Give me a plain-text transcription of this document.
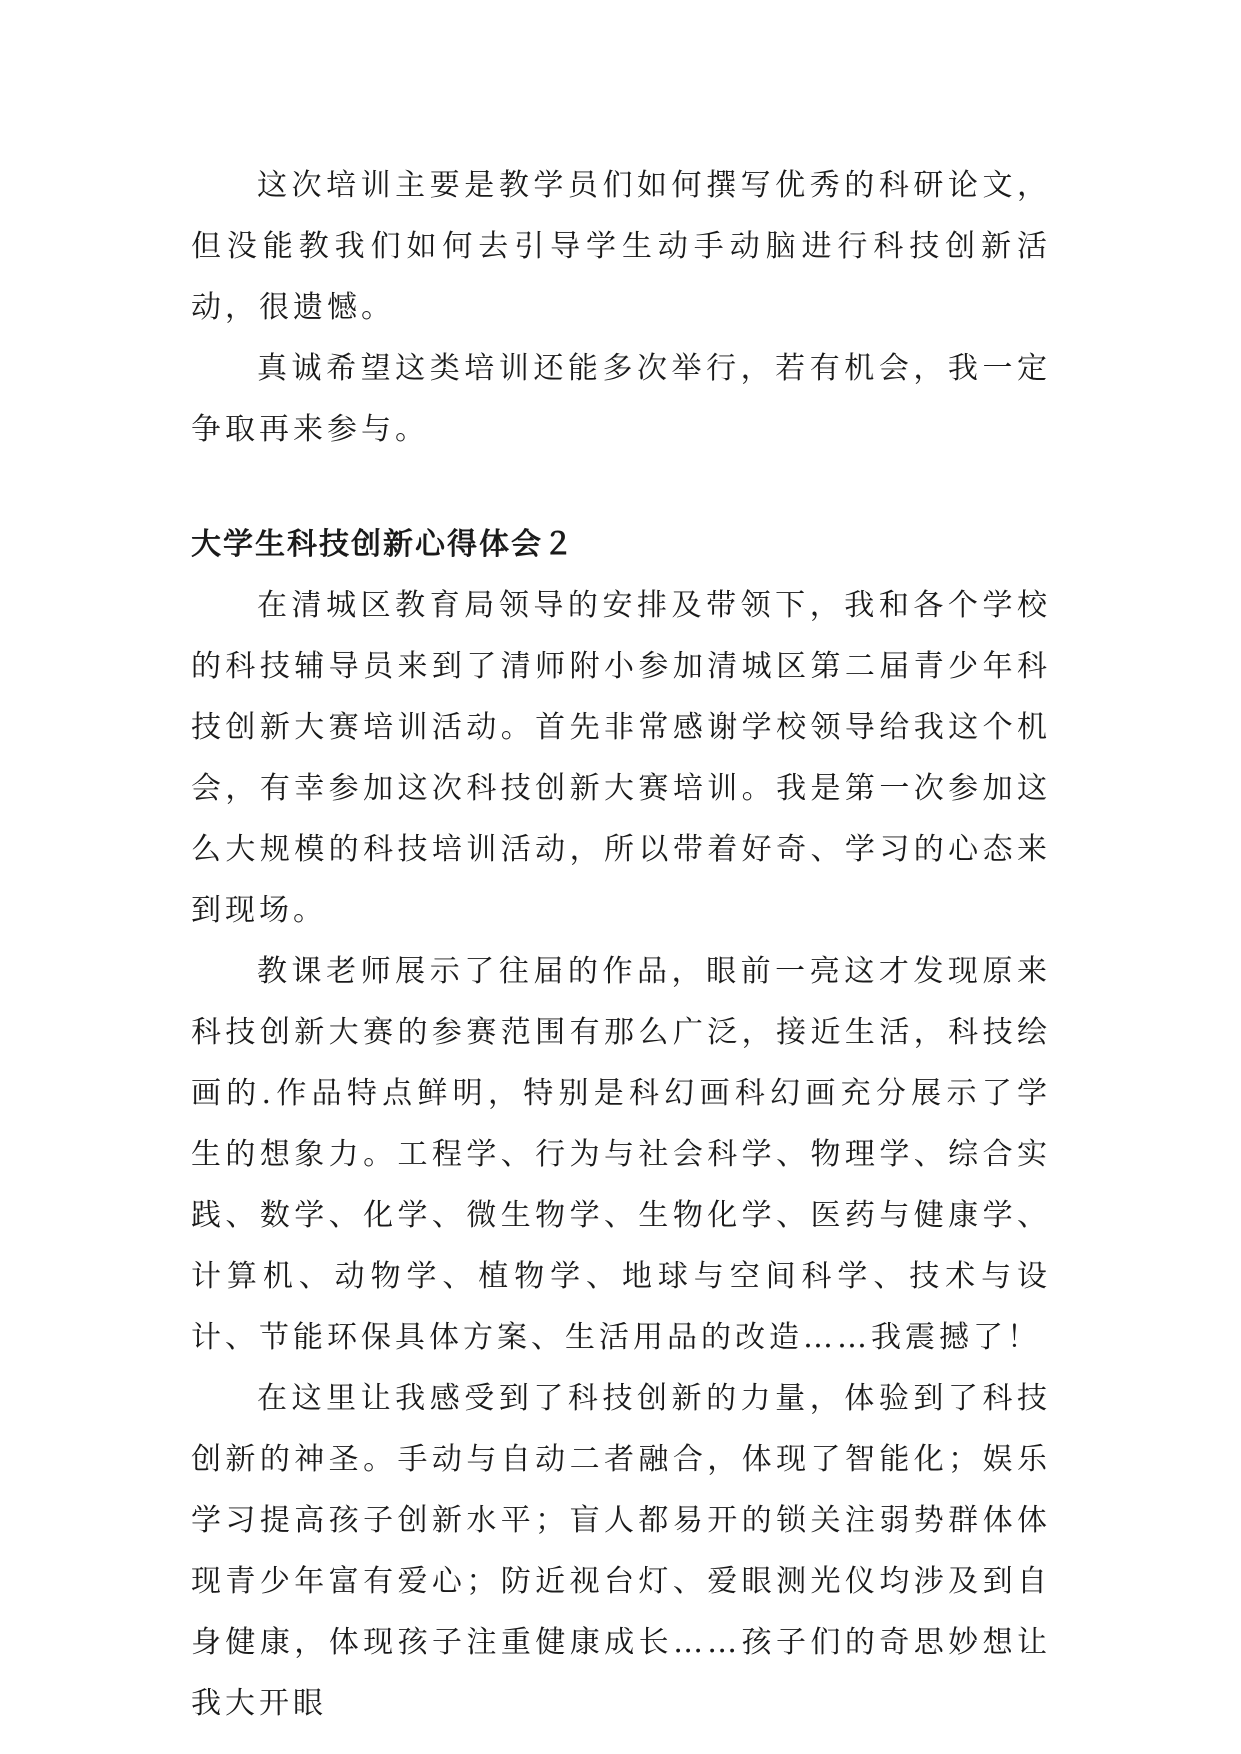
这次培训主要是教学员们如何撰写优秀的科研论文，但没能教我们如何去引导学生动手动脑进行科技创新活动，很遗憾。

真诚希望这类培训还能多次举行，若有机会，我一定争取再来参与。

大学生科技创新心得体会２

在清城区教育局领导的安排及带领下，我和各个学校的科技辅导员来到了清师附小参加清城区第二届青少年科技创新大赛培训活动。首先非常感谢学校领导给我这个机会，有幸参加这次科技创新大赛培训。我是第一次参加这么大规模的科技培训活动，所以带着好奇、学习的心态来到现场。

教课老师展示了往届的作品，眼前一亮这才发现原来科技创新大赛的参赛范围有那么广泛，接近生活，科技绘画的.作品特点鲜明，特别是科幻画科幻画充分展示了学生的想象力。工程学、行为与社会科学、物理学、综合实践、数学、化学、微生物学、生物化学、医药与健康学、计算机、动物学、植物学、地球与空间科学、技术与设计、节能环保具体方案、生活用品的改造……我震撼了！

在这里让我感受到了科技创新的力量，体验到了科技创新的神圣。手动与自动二者融合，体现了智能化；娱乐学习提高孩子创新水平；盲人都易开的锁关注弱势群体体现青少年富有爱心；防近视台灯、爱眼测光仪均涉及到自身健康，体现孩子注重健康成长……孩子们的奇思妙想让我大开眼
